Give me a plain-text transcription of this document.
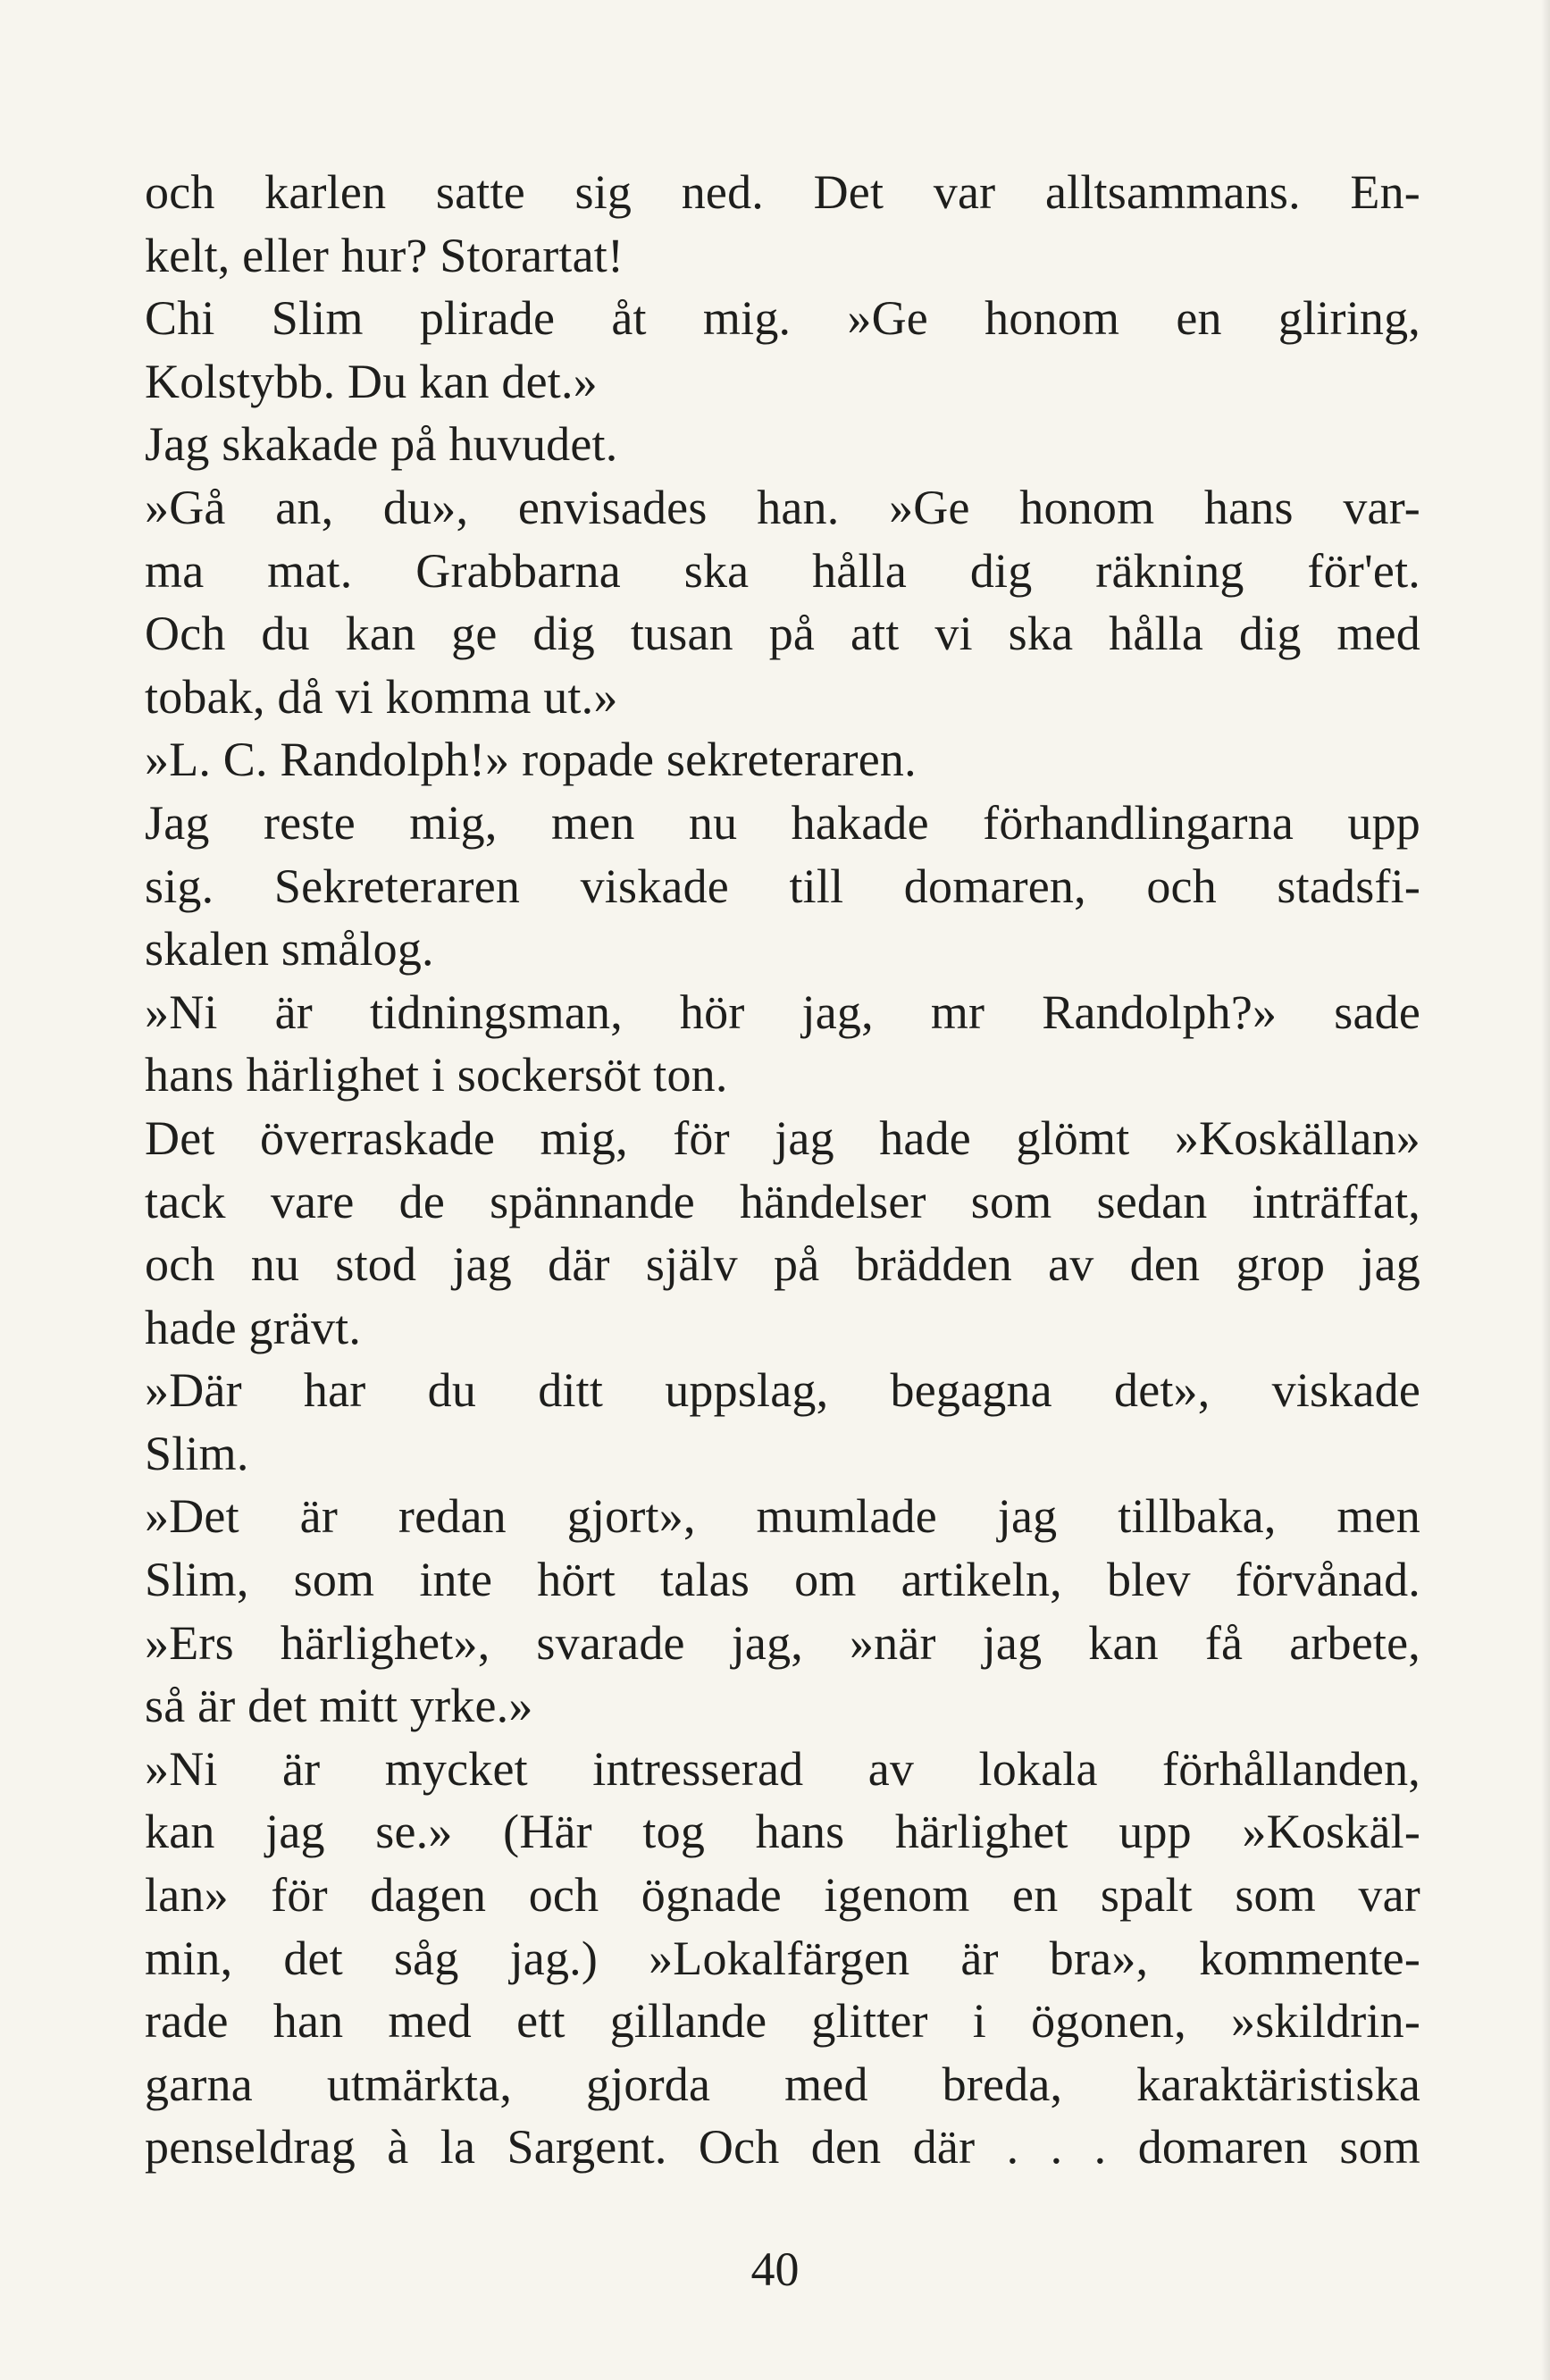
och karlen satte sig ned. Det var alltsammans. En-
kelt, eller hur? Storartat!
Chi Slim plirade åt mig. »Ge honom en gliring,
Kolstybb. Du kan det.»
Jag skakade på huvudet.
»Gå an, du», envisades han. »Ge honom hans var-
ma mat. Grabbarna ska hålla dig räkning för'et.
Och du kan ge dig tusan på att vi ska hålla dig med
tobak, då vi komma ut.»
»L. C. Randolph!» ropade sekreteraren.
Jag reste mig, men nu hakade förhandlingarna upp
sig. Sekreteraren viskade till domaren, och stadsfi-
skalen smålog.
»Ni är tidningsman, hör jag, mr Randolph?» sade
hans härlighet i sockersöt ton.
Det överraskade mig, för jag hade glömt »Koskällan»
tack vare de spännande händelser som sedan inträffat,
och nu stod jag där själv på brädden av den grop jag
hade grävt.
»Där har du ditt uppslag, begagna det», viskade
Slim.
»Det är redan gjort», mumlade jag tillbaka, men
Slim, som inte hört talas om artikeln, blev förvånad.
»Ers härlighet», svarade jag, »när jag kan få arbete,
så är det mitt yrke.»
»Ni är mycket intresserad av lokala förhållanden,
kan jag se.» (Här tog hans härlighet upp »Koskäl-
lan» för dagen och ögnade igenom en spalt som var
min, det såg jag.) »Lokalfärgen är bra», kommente-
rade han med ett gillande glitter i ögonen, »skildrin-
garna utmärkta, gjorda med breda, karaktäristiska
penseldrag à la Sargent. Och den där . . . domaren som
40
